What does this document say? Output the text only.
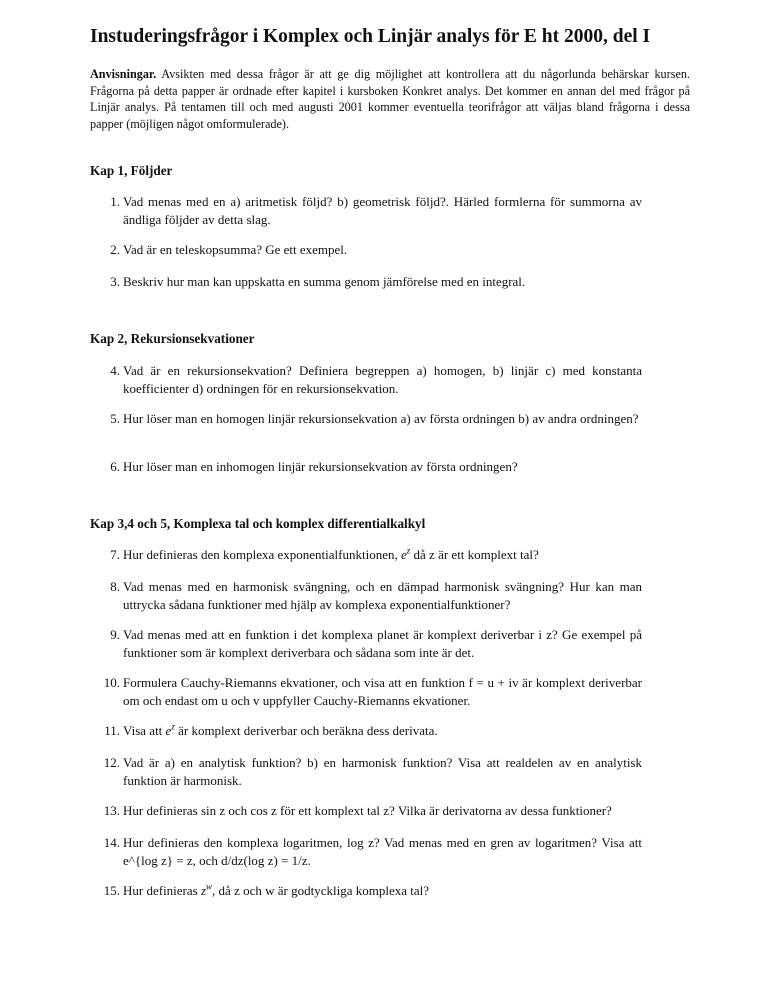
Instuderingsfrågor i Komplex och Linjär analys för E ht 2000, del I

Anvisningar. Avsikten med dessa frågor är att ge dig möjlighet att kontrollera att du någorlunda behärskar kursen. Frågorna på detta papper är ordnade efter kapitel i kursboken Konkret analys. Det kommer en annan del med frågor på Linjär analys. På tentamen till och med augusti 2001 kommer eventuella teorifrågor att väljas bland frågorna i dessa papper (möjligen något omformulerade).

Kap 1, Följder
1. Vad menas med en a) aritmetisk följd? b) geometrisk följd?. Härled formlerna för summorna av ändliga följder av detta slag.
2. Vad är en teleskopsumma? Ge ett exempel.
3. Beskriv hur man kan uppskatta en summa genom jämförelse med en integral.
Kap 2, Rekursionsekvationer
4. Vad är en rekursionsekvation? Definiera begreppen a) homogen, b) linjär c) med konstanta koefficienter d) ordningen för en rekursionsekvation.
5. Hur löser man en homogen linjär rekursionsekvation a) av första ordningen b) av andra ordningen?
6. Hur löser man en inhomogen linjär rekursionsekvation av första ordningen?
Kap 3,4 och 5, Komplexa tal och komplex differentialkalkyl
7. Hur definieras den komplexa exponentialfunktionen, $e^z$ då z är ett komplext tal?
8. Vad menas med en harmonisk svängning, och en dämpad harmonisk svängning? Hur kan man uttrycka sådana funktioner med hjälp av komplexa exponentialfunktioner?
9. Vad menas med att en funktion i det komplexa planet är komplext deriverbar i z? Ge exempel på funktioner som är komplext deriverbara och sådana som inte är det.
10. Formulera Cauchy-Riemanns ekvationer, och visa att en funktion f = u + iv är komplext deriverbar om och endast om u och v uppfyller Cauchy-Riemanns ekvationer.
11. Visa att $e^z$ är komplext deriverbar och beräkna dess derivata.
12. Vad är a) en analytisk funktion? b) en harmonisk funktion? Visa att realdelen av en analytisk funktion är harmonisk.
13. Hur definieras sin z och cos z för ett komplext tal z? Vilka är derivatorna av dessa funktioner?
14. Hur definieras den komplexa logaritmen, log z? Vad menas med en gren av logaritmen? Visa att e^{log z} = z, och d/dz(log z) = 1/z.
15. Hur definieras $z^w$, då z och w är godtyckliga komplexa tal?
